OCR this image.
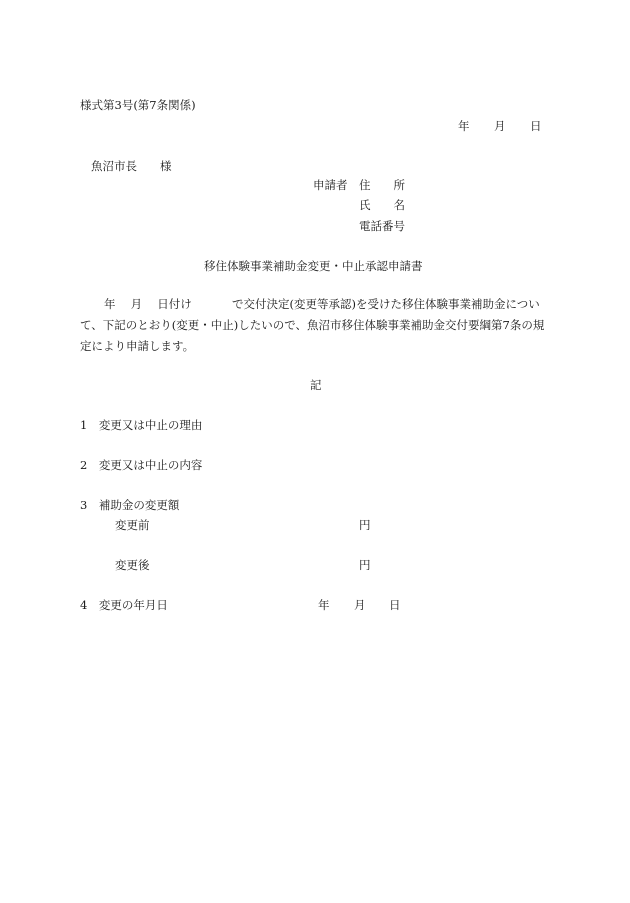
様式第3号(第7条関係)
年 月 日
魚沼市長 様
申請者 住　　所
氏　　名
電話番号
移住体験事業補助金変更・中止承認申請書
年　 月　 日付け	で交付決定(変更等承認)を受けた移住体験事業補助金につい
て、下記のとおり(変更・中止)したいので、魚沼市移住体験事業補助金交付要綱第7条の規
定により申請します。
記
1　変更又は中止の理由
2　変更又は中止の内容
3　補助金の変更額
変更前	円
変更後	円
4　変更の年月日	年 月 日
